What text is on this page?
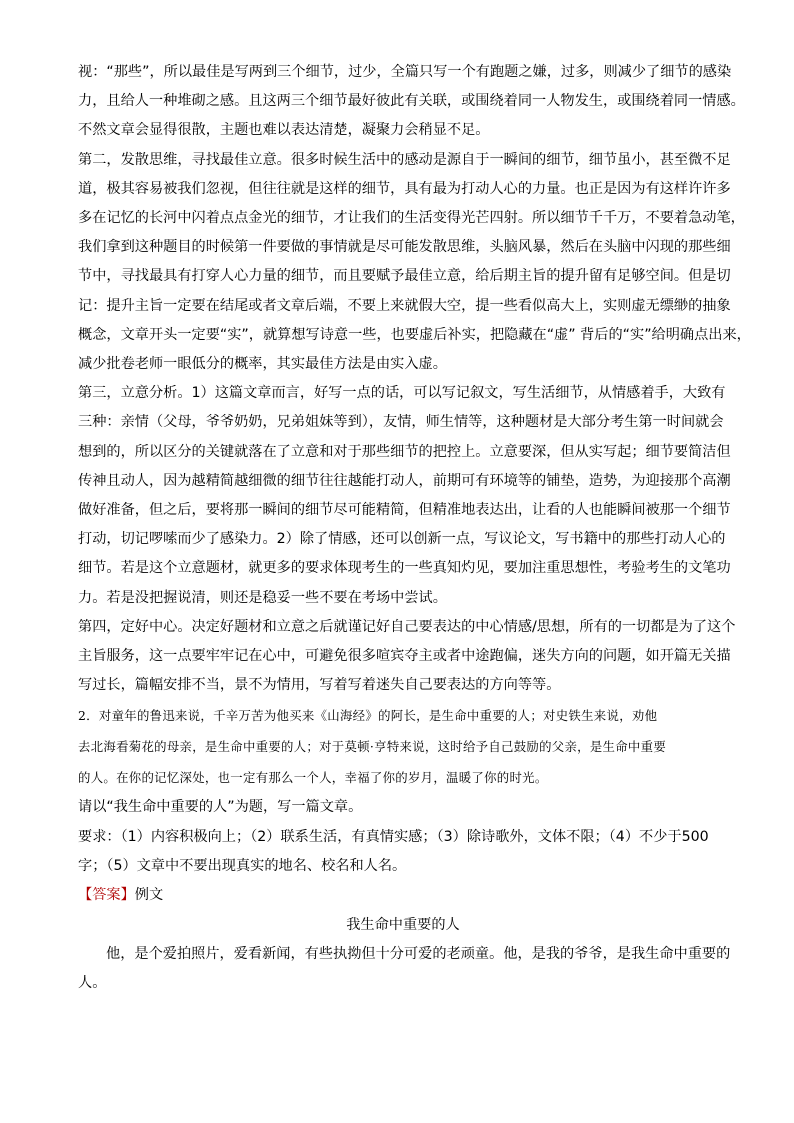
视：“那些”，所以最佳是写两到三个细节，过少，全篇只写一个有跑题之嫌，过多，则减少了细节的感染
力，且给人一种堆砌之感。且这两三个细节最好彼此有关联，或围绕着同一人物发生，或围绕着同一情感。
不然文章会显得很散，主题也难以表达清楚，凝聚力会稍显不足。
第二，发散思维，寻找最佳立意。很多时候生活中的感动是源自于一瞬间的细节，细节虽小，甚至微不足
道，极其容易被我们忽视，但往往就是这样的细节，具有最为打动人心的力量。也正是因为有这样许许多
多在记忆的长河中闪着点点金光的细节，才让我们的生活变得光芒四射。所以细节千千万，不要着急动笔，
我们拿到这种题目的时候第一件要做的事情就是尽可能发散思维，头脑风暴，然后在头脑中闪现的那些细
节中，寻找最具有打穿人心力量的细节，而且要赋予最佳立意，给后期主旨的提升留有足够空间。但是切
记：提升主旨一定要在结尾或者文章后端，不要上来就假大空，提一些看似高大上，实则虚无缥缈的抽象
概念，文章开头一定要“实”，就算想写诗意一些，也要虚后补实，把隐藏在“虚” 背后的“实”给明确点出来，
减少批卷老师一眼低分的概率，其实最佳方法是由实入虚。
第三，立意分析。1）这篇文章而言，好写一点的话，可以写记叙文，写生活细节，从情感着手，大致有
三种：亲情（父母，爷爷奶奶，兄弟姐妹等到），友情，师生情等，这种题材是大部分考生第一时间就会
想到的，所以区分的关键就落在了立意和对于那些细节的把控上。立意要深，但从实写起；细节要简洁但
传神且动人，因为越精简越细微的细节往往越能打动人，前期可有环境等的铺垫，造势，为迎接那个高潮
做好准备，但之后，要将那一瞬间的细节尽可能精简，但精准地表达出，让看的人也能瞬间被那一个细节
打动，切记啰嗦而少了感染力。2）除了情感，还可以创新一点，写议论文，写书籍中的那些打动人心的
细节。若是这个立意题材，就更多的要求体现考生的一些真知灼见，要加注重思想性，考验考生的文笔功
力。若是没把握说清，则还是稳妥一些不要在考场中尝试。
第四，定好中心。决定好题材和立意之后就谨记好自己要表达的中心情感/思想，所有的一切都是为了这个
主旨服务，这一点要牢牢记在心中，可避免很多喧宾夺主或者中途跑偏，迷失方向的问题，如开篇无关描
写过长，篇幅安排不当，景不为情用，写着写着迷失自己要表达的方向等等。
2．对童年的鲁迅来说，千辛万苦为他买来《山海经》的阿长，是生命中重要的人；对史铁生来说，劝他
去北海看菊花的母亲，是生命中重要的人；对于莫顿·亨特来说，这时给予自己鼓励的父亲，是生命中重要
的人。在你的记忆深处，也一定有那么一个人，幸福了你的岁月，温暖了你的时光。
请以“我生命中重要的人”为题，写一篇文章。
要求：（1）内容积极向上；（2）联系生活，有真情实感；（3）除诗歌外，文体不限；（4）不少于500
字；（5）文章中不要出现真实的地名、校名和人名。
【答案】例文

我生命中重要的人

他，是个爱拍照片，爱看新闻，有些执拗但十分可爱的老顽童。他，是我的爷爷，是我生命中重要的
人。
